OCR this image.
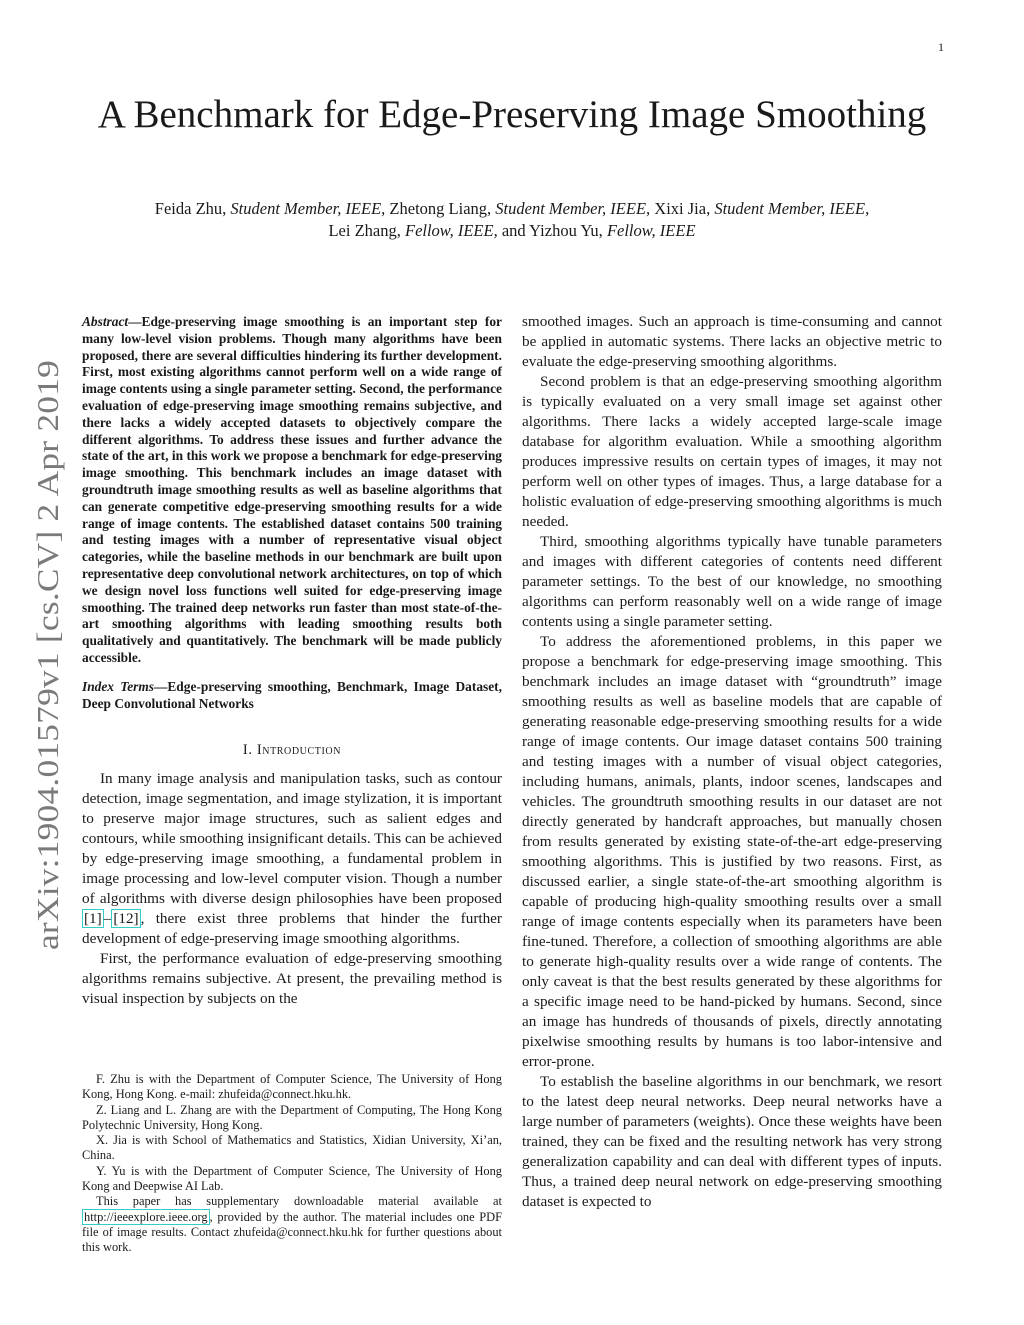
1
arXiv:1904.01579v1 [cs.CV] 2 Apr 2019
A Benchmark for Edge-Preserving Image Smoothing
Feida Zhu, Student Member, IEEE, Zhetong Liang, Student Member, IEEE, Xixi Jia, Student Member, IEEE,
Lei Zhang, Fellow, IEEE, and Yizhou Yu, Fellow, IEEE

Abstract—Edge-preserving image smoothing is an important step for many low-level vision problems. Though many algorithms have been proposed, there are several difficulties hindering its further development. First, most existing algorithms cannot perform well on a wide range of image contents using a single parameter setting. Second, the performance evaluation of edge-preserving image smoothing remains subjective, and there lacks a widely accepted datasets to objectively compare the different algorithms. To address these issues and further advance the state of the art, in this work we propose a benchmark for edge-preserving image smoothing. This benchmark includes an image dataset with groundtruth image smoothing results as well as baseline algorithms that can generate competitive edge-preserving smoothing results for a wide range of image contents. The established dataset contains 500 training and testing images with a number of representative visual object categories, while the baseline methods in our benchmark are built upon representative deep convolutional network architectures, on top of which we design novel loss functions well suited for edge-preserving image smoothing. The trained deep networks run faster than most state-of-the-art smoothing algorithms with leading smoothing results both qualitatively and quantitatively. The benchmark will be made publicly accessible.

Index Terms—Edge-preserving smoothing, Benchmark, Image Dataset, Deep Convolutional Networks

I. Introduction

In many image analysis and manipulation tasks, such as contour detection, image segmentation, and image stylization, it is important to preserve major image structures, such as salient edges and contours, while smoothing insignificant details. This can be achieved by edge-preserving image smoothing, a fundamental problem in image processing and low-level computer vision. Though a number of algorithms with diverse design philosophies have been proposed [1] – [12] , there exist three problems that hinder the further development of edge-preserving image smoothing algorithms.

First, the performance evaluation of edge-preserving smoothing algorithms remains subjective. At present, the prevailing method is visual inspection by subjects on the

F. Zhu is with the Department of Computer Science, The University of Hong Kong, Hong Kong. e-mail: zhufeida@connect.hku.hk.

Z. Liang and L. Zhang are with the Department of Computing, The Hong Kong Polytechnic University, Hong Kong.

X. Jia is with School of Mathematics and Statistics, Xidian University, Xi’an, China.

Y. Yu is with the Department of Computer Science, The University of Hong Kong and Deepwise AI Lab.

This paper has supplementary downloadable material available at http://ieeexplore.ieee.org , provided by the author. The material includes one PDF file of image results. Contact zhufeida@connect.hku.hk for further questions about this work.

smoothed images. Such an approach is time-consuming and cannot be applied in automatic systems. There lacks an objective metric to evaluate the edge-preserving smoothing algorithms.

Second problem is that an edge-preserving smoothing algorithm is typically evaluated on a very small image set against other algorithms. There lacks a widely accepted large-scale image database for algorithm evaluation. While a smoothing algorithm produces impressive results on certain types of images, it may not perform well on other types of images. Thus, a large database for a holistic evaluation of edge-preserving smoothing algorithms is much needed.

Third, smoothing algorithms typically have tunable parameters and images with different categories of contents need different parameter settings. To the best of our knowledge, no smoothing algorithms can perform reasonably well on a wide range of image contents using a single parameter setting.

To address the aforementioned problems, in this paper we propose a benchmark for edge-preserving image smoothing. This benchmark includes an image dataset with “groundtruth” image smoothing results as well as baseline models that are capable of generating reasonable edge-preserving smoothing results for a wide range of image contents. Our image dataset contains 500 training and testing images with a number of visual object categories, including humans, animals, plants, indoor scenes, landscapes and vehicles. The groundtruth smoothing results in our dataset are not directly generated by handcraft approaches, but manually chosen from results generated by existing state-of-the-art edge-preserving smoothing algorithms. This is justified by two reasons. First, as discussed earlier, a single state-of-the-art smoothing algorithm is capable of producing high-quality smoothing results over a small range of image contents especially when its parameters have been fine-tuned. Therefore, a collection of smoothing algorithms are able to generate high-quality results over a wide range of contents. The only caveat is that the best results generated by these algorithms for a specific image need to be hand-picked by humans. Second, since an image has hundreds of thousands of pixels, directly annotating pixelwise smoothing results by humans is too labor-intensive and error-prone.

To establish the baseline algorithms in our benchmark, we resort to the latest deep neural networks. Deep neural networks have a large number of parameters (weights). Once these weights have been trained, they can be fixed and the resulting network has very strong generalization capability and can deal with different types of inputs. Thus, a trained deep neural network on edge-preserving smoothing dataset is expected to
